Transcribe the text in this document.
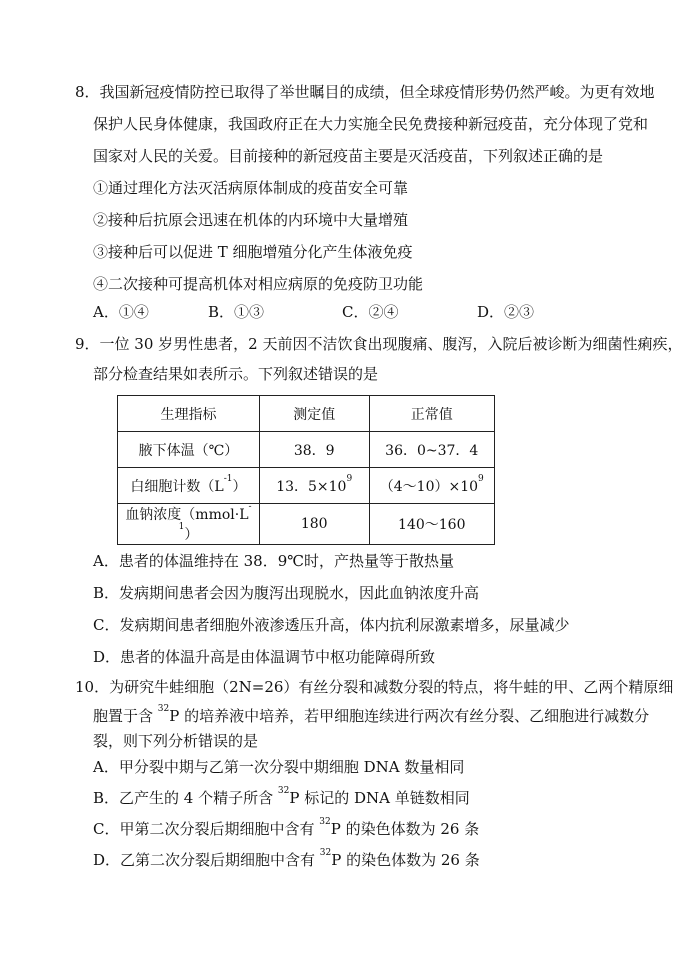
8．我国新冠疫情防控已取得了举世瞩目的成绩，但全球疫情形势仍然严峻。为更有效地
保护人民身体健康，我国政府正在大力实施全民免费接种新冠疫苗，充分体现了党和
国家对人民的关爱。目前接种的新冠疫苗主要是灭活疫苗，下列叙述正确的是
①通过理化方法灭活病原体制成的疫苗安全可靠
②接种后抗原会迅速在机体的内环境中大量增殖
③接种后可以促进 T 细胞增殖分化产生体液免疫
④二次接种可提高机体对相应病原的免疫防卫功能
A．①④	B．①③	C．②④	D．②③
9．一位 30 岁男性患者，2 天前因不洁饮食出现腹痛、腹泻，入院后被诊断为细菌性痢疾，
部分检查结果如表所示。下列叙述错误的是
生理指标	测定值	正常值
腋下体温（℃）	38．9	36．0~37．4
白细胞计数$(L^{-1})$	13．$5\times 10^9$	$(4\sim 10)\times 10^9$
血钠浓度$(mmol\cdot L^{-1})$	180	140～160
A．患者的体温维持在 38．9℃时，产热量等于散热量
B．发病期间患者会因为腹泻出现脱水，因此血钠浓度升高
C．发病期间患者细胞外液渗透压升高，体内抗利尿激素增多，尿量减少
D．患者的体温升高是由体温调节中枢功能障碍所致
10．为研究牛蛙细胞（2N=26）有丝分裂和减数分裂的特点，将牛蛙的甲、乙两个精原细
胞置于含 $^{32}$P 的培养液中培养，若甲细胞连续进行两次有丝分裂、乙细胞进行减数分
裂，则下列分析错误的是
A．甲分裂中期与乙第一次分裂中期细胞 DNA 数量相同
B．乙产生的 4 个精子所含 $^{32}$P 标记的 DNA 单链数相同
C．甲第二次分裂后期细胞中含有 $^{32}$P 的染色体数为 26 条
D．乙第二次分裂后期细胞中含有 $^{32}$P 的染色体数为 26 条
